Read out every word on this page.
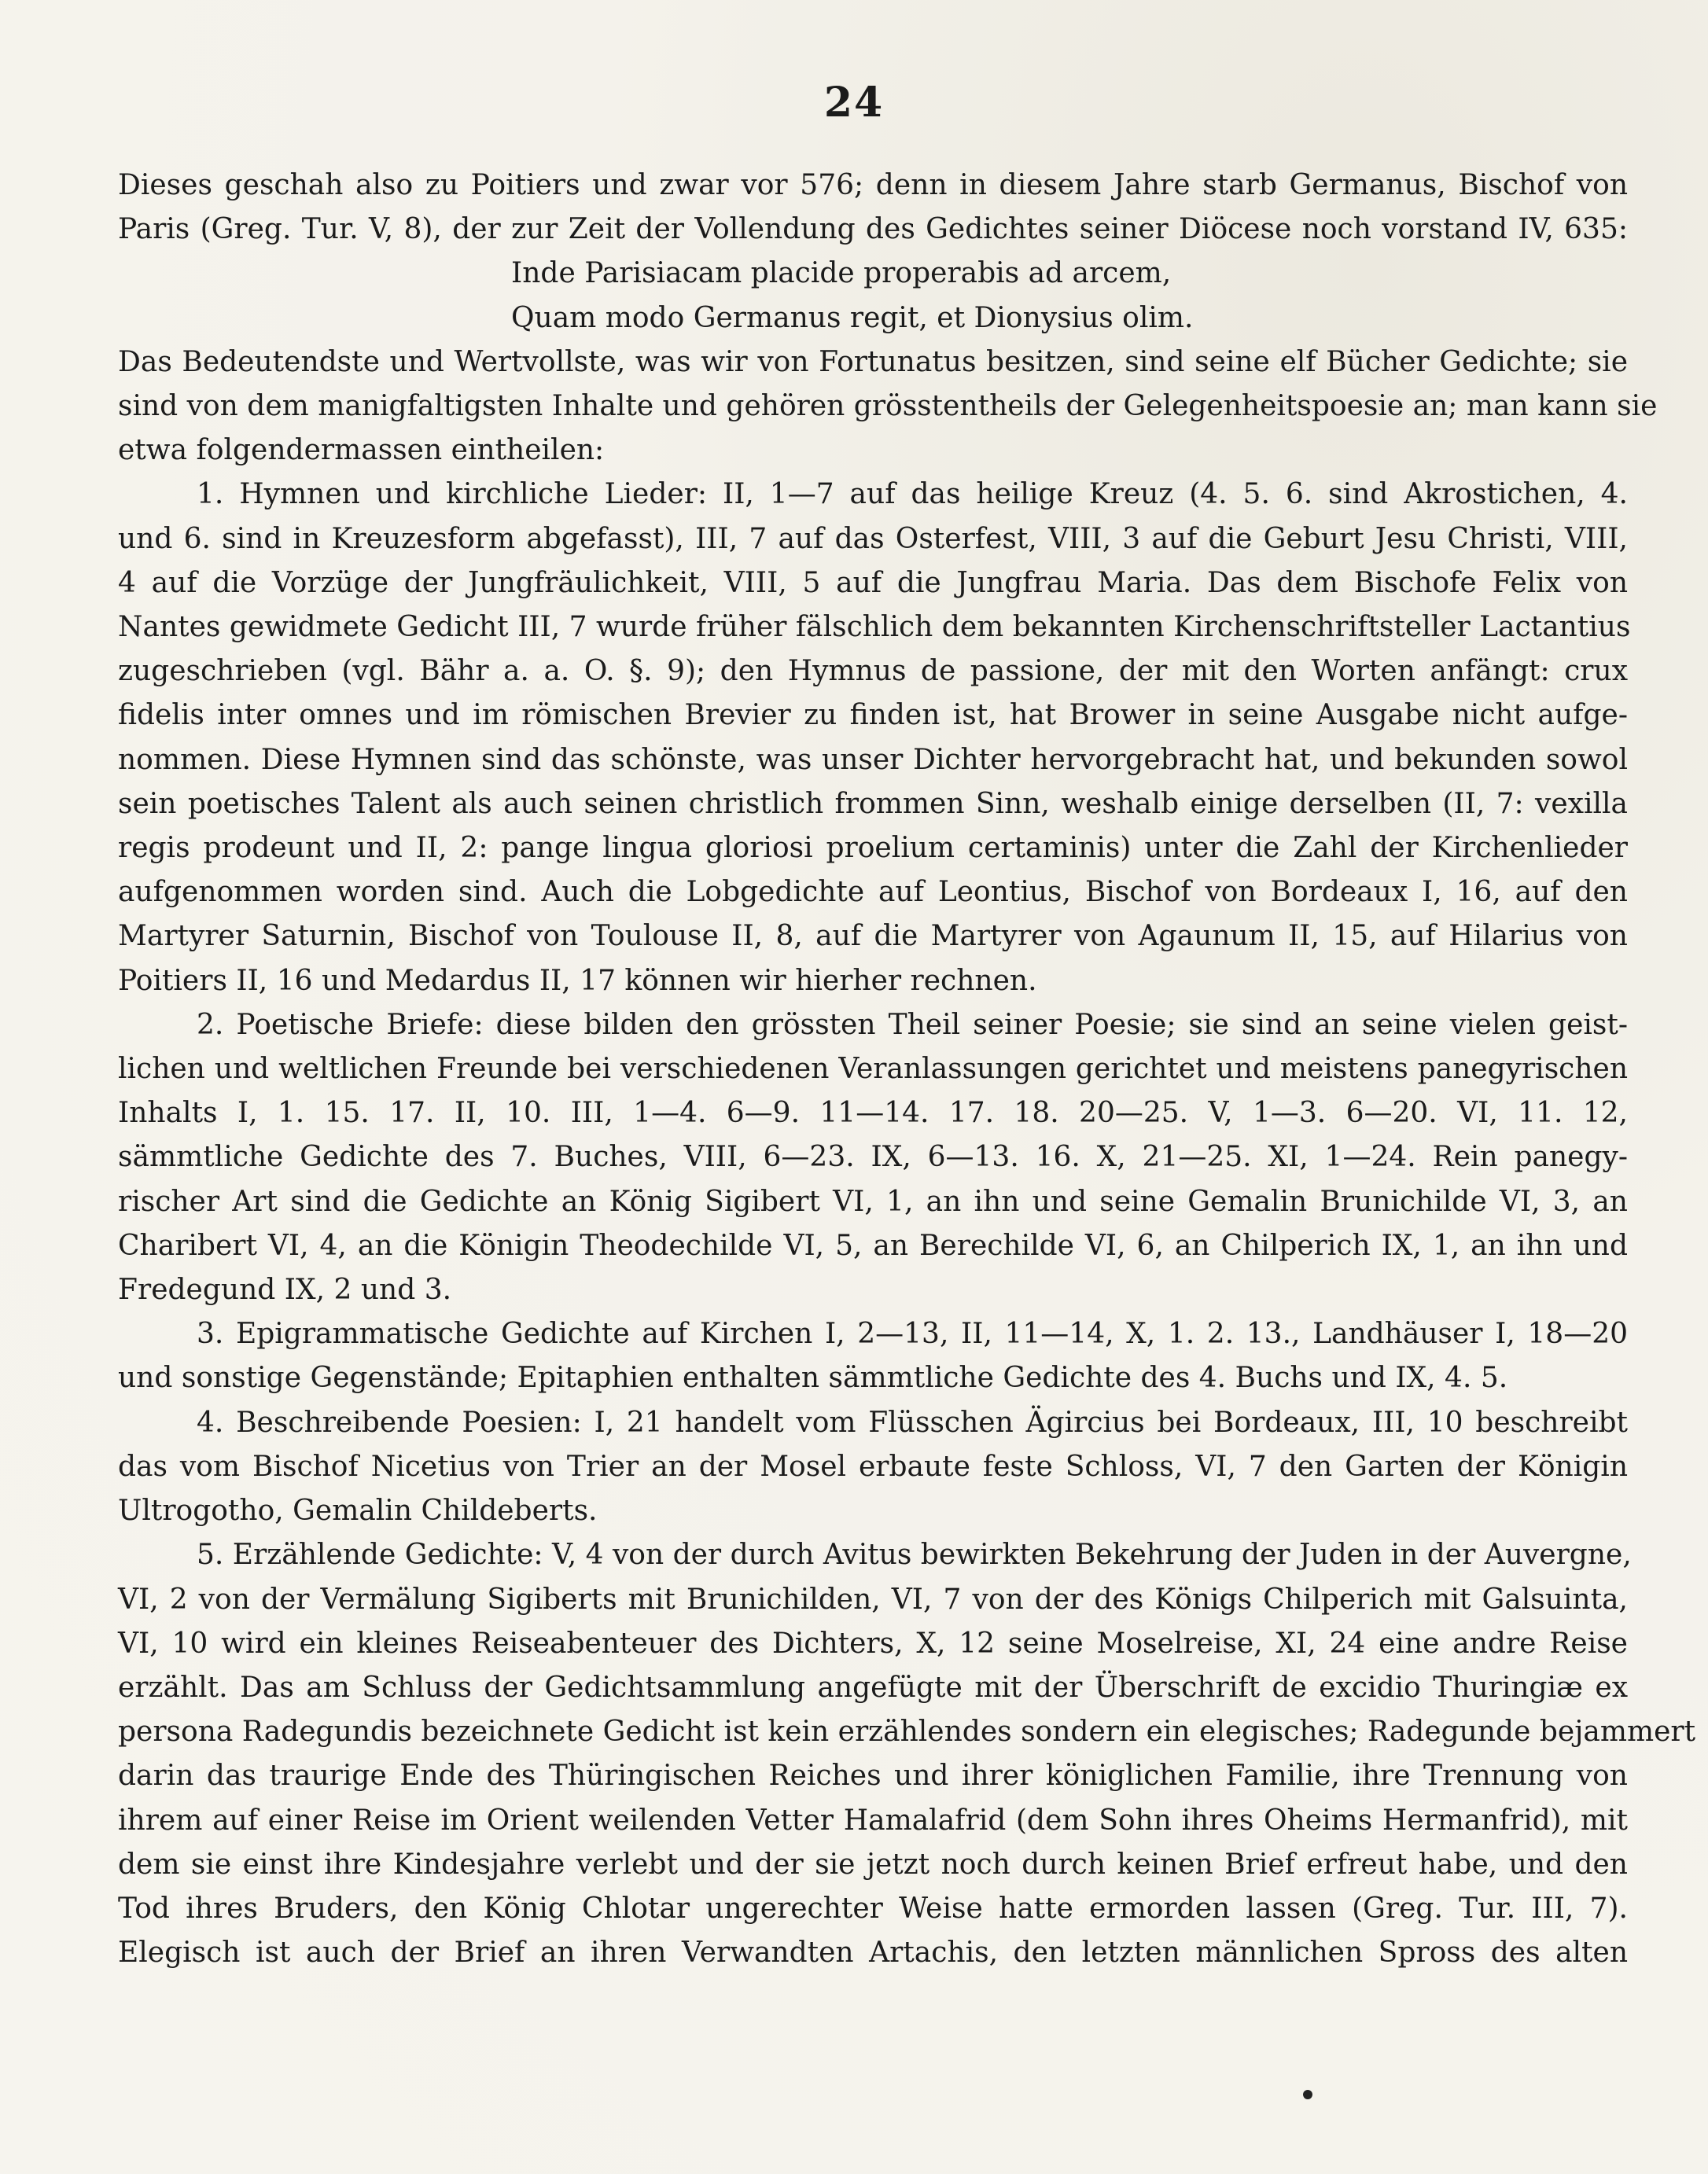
24
Dieses geschah also zu Poitiers und zwar vor 576; denn in diesem Jahre starb Germanus, Bischof von
Paris (Greg. Tur. V, 8), der zur Zeit der Vollendung des Gedichtes seiner Diöcese noch vorstand IV, 635:
Inde Parisiacam placide properabis ad arcem,
Quam modo Germanus regit, et Dionysius olim.
Das Bedeutendste und Wertvollste, was wir von Fortunatus besitzen, sind seine elf Bücher Gedichte; sie
sind von dem manigfaltigsten Inhalte und gehören grösstentheils der Gelegenheitspoesie an; man kann sie
etwa folgendermassen eintheilen:
1. Hymnen und kirchliche Lieder: II, 1—7 auf das heilige Kreuz (4. 5. 6. sind Akrostichen, 4.
und 6. sind in Kreuzesform abgefasst), III, 7 auf das Osterfest, VIII, 3 auf die Geburt Jesu Christi, VIII,
4 auf die Vorzüge der Jungfräulichkeit, VIII, 5 auf die Jungfrau Maria. Das dem Bischofe Felix von
Nantes gewidmete Gedicht III, 7 wurde früher fälschlich dem bekannten Kirchenschriftsteller Lactantius
zugeschrieben (vgl. Bähr a. a. O. §. 9); den Hymnus de passione, der mit den Worten anfängt: crux
fidelis inter omnes und im römischen Brevier zu finden ist, hat Brower in seine Ausgabe nicht aufge-
nommen. Diese Hymnen sind das schönste, was unser Dichter hervorgebracht hat, und bekunden sowol
sein poetisches Talent als auch seinen christlich frommen Sinn, weshalb einige derselben (II, 7: vexilla
regis prodeunt und II, 2: pange lingua gloriosi proelium certaminis) unter die Zahl der Kirchenlieder
aufgenommen worden sind. Auch die Lobgedichte auf Leontius, Bischof von Bordeaux I, 16, auf den
Martyrer Saturnin, Bischof von Toulouse II, 8, auf die Martyrer von Agaunum II, 15, auf Hilarius von
Poitiers II, 16 und Medardus II, 17 können wir hierher rechnen.
2. Poetische Briefe: diese bilden den grössten Theil seiner Poesie; sie sind an seine vielen geist-
lichen und weltlichen Freunde bei verschiedenen Veranlassungen gerichtet und meistens panegyrischen
Inhalts I, 1. 15. 17. II, 10. III, 1—4. 6—9. 11—14. 17. 18. 20—25. V, 1—3. 6—20. VI, 11. 12,
sämmtliche Gedichte des 7. Buches, VIII, 6—23. IX, 6—13. 16. X, 21—25. XI, 1—24. Rein panegy-
rischer Art sind die Gedichte an König Sigibert VI, 1, an ihn und seine Gemalin Brunichilde VI, 3, an
Charibert VI, 4, an die Königin Theodechilde VI, 5, an Berechilde VI, 6, an Chilperich IX, 1, an ihn und
Fredegund IX, 2 und 3.
3. Epigrammatische Gedichte auf Kirchen I, 2—13, II, 11—14, X, 1. 2. 13., Landhäuser I, 18—20
und sonstige Gegenstände; Epitaphien enthalten sämmtliche Gedichte des 4. Buchs und IX, 4. 5.
4. Beschreibende Poesien: I, 21 handelt vom Flüsschen Ägircius bei Bordeaux, III, 10 beschreibt
das vom Bischof Nicetius von Trier an der Mosel erbaute feste Schloss, VI, 7 den Garten der Königin
Ultrogotho, Gemalin Childeberts.
5. Erzählende Gedichte: V, 4 von der durch Avitus bewirkten Bekehrung der Juden in der Auvergne,
VI, 2 von der Vermälung Sigiberts mit Brunichilden, VI, 7 von der des Königs Chilperich mit Galsuinta,
VI, 10 wird ein kleines Reiseabenteuer des Dichters, X, 12 seine Moselreise, XI, 24 eine andre Reise
erzählt. Das am Schluss der Gedichtsammlung angefügte mit der Überschrift de excidio Thuringiæ ex
persona Radegundis bezeichnete Gedicht ist kein erzählendes sondern ein elegisches; Radegunde bejammert
darin das traurige Ende des Thüringischen Reiches und ihrer königlichen Familie, ihre Trennung von
ihrem auf einer Reise im Orient weilenden Vetter Hamalafrid (dem Sohn ihres Oheims Hermanfrid), mit
dem sie einst ihre Kindesjahre verlebt und der sie jetzt noch durch keinen Brief erfreut habe, und den
Tod ihres Bruders, den König Chlotar ungerechter Weise hatte ermorden lassen (Greg. Tur. III, 7).
Elegisch ist auch der Brief an ihren Verwandten Artachis, den letzten männlichen Spross des alten
